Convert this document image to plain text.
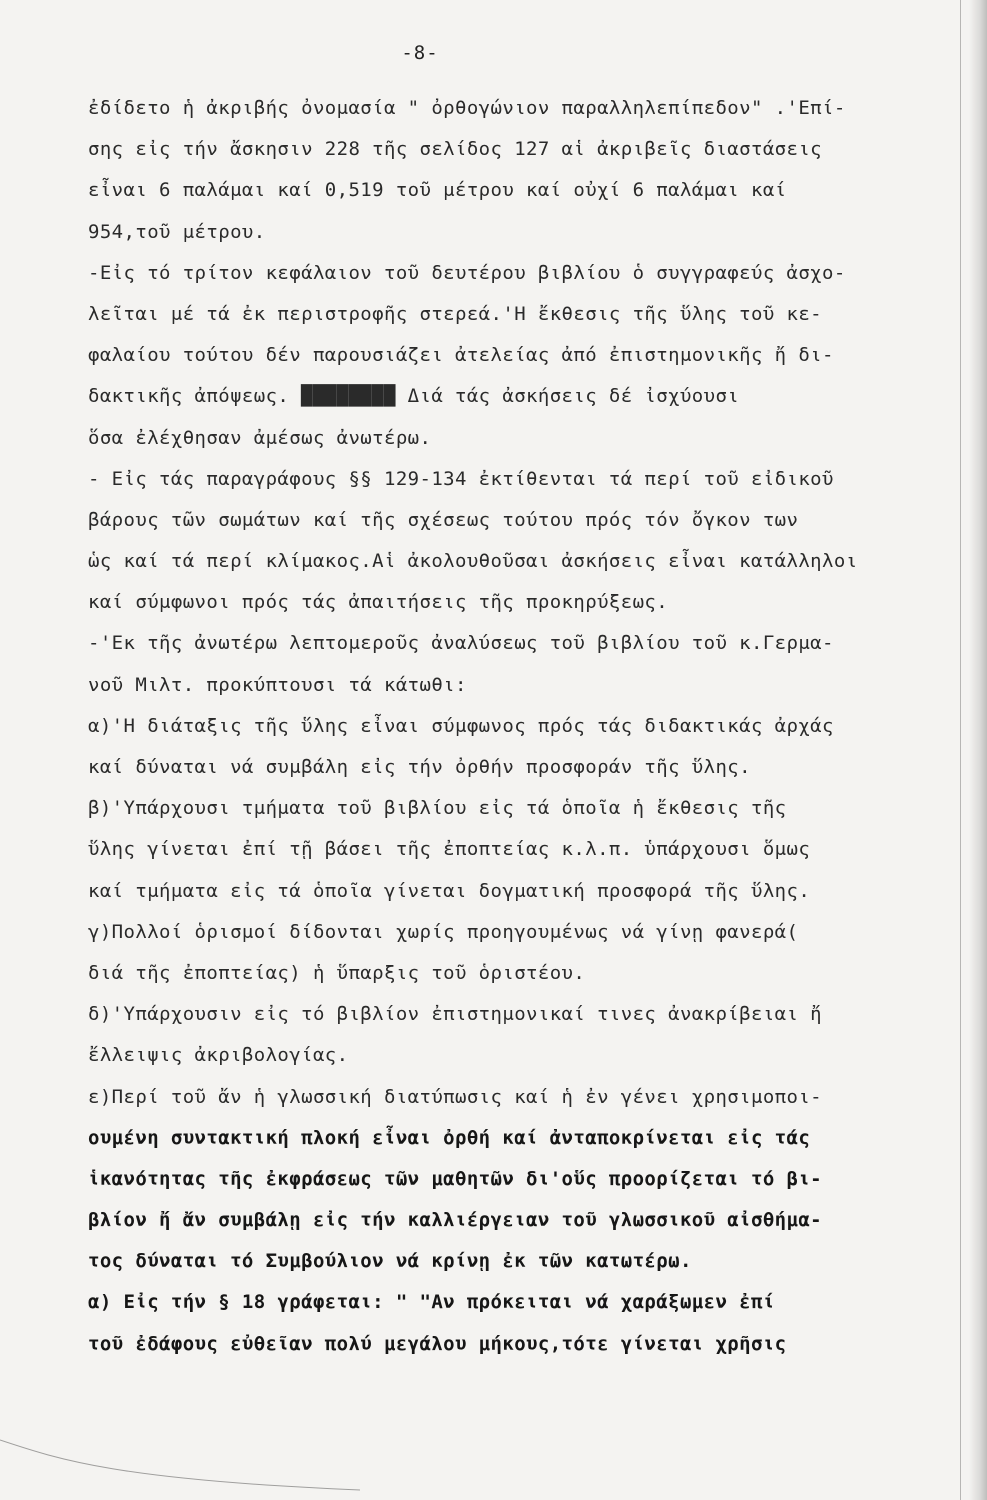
-8-
ἐδίδετο ἡ ἀκριβής ὀνομασία " ὀρθογώνιον παραλληλεπίπεδον" .'Επί-
σης εἰς τήν ἄσκησιν 228 τῆς σελίδος 127 αἱ ἀκριβεῖς διαστάσεις
εἶναι 6 παλάμαι καί 0,519 τοῦ μέτρου καί οὐχί 6 παλάμαι καί
954,τοῦ μέτρου.
-Εἰς τό τρίτον κεφάλαιον τοῦ δευτέρου βιβλίου ὁ συγγραφεύς ἀσχο-
λεῖται μέ τά ἐκ περιστροφῆς στερεά.'Η ἔκθεσις τῆς ὕλης τοῦ κε-
φαλαίου τούτου δέν παρουσιάζει ἀτελείας ἀπό ἐπιστημονικῆς ἤ δι-
δακτικῆς ἀπόψεως. ████████ Διά τάς ἀσκήσεις δέ ἰσχύουσι
ὅσα ἐλέχθησαν ἀμέσως ἀνωτέρω.
- Εἰς τάς παραγράφους §§ 129-134 ἐκτίθενται τά περί τοῦ εἰδικοῦ
βάρους τῶν σωμάτων καί τῆς σχέσεως τούτου πρός τόν ὄγκον των
ὡς καί τά περί κλίμακος.Αἱ ἀκολουθοῦσαι ἀσκήσεις εἶναι κατάλληλοι
καί σύμφωνοι πρός τάς ἀπαιτήσεις τῆς προκηρύξεως.
-'Εκ τῆς ἀνωτέρω λεπτομεροῦς ἀναλύσεως τοῦ βιβλίου τοῦ κ.Γερμα-
νοῦ Μιλτ. προκύπτουσι τά κάτωθι:
α)'Η διάταξις τῆς ὕλης εἶναι σύμφωνος πρός τάς διδακτικάς ἀρχάς
καί δύναται νά συμβάλη εἰς τήν ὀρθήν προσφοράν τῆς ὕλης.
β)'Υπάρχουσι τμήματα τοῦ βιβλίου εἰς τά ὁποῖα ἡ ἔκθεσις τῆς
ὕλης γίνεται ἐπί τῇ βάσει τῆς ἐποπτείας κ.λ.π. ὑπάρχουσι ὅμως
καί τμήματα εἰς τά ὁποῖα γίνεται δογματική προσφορά τῆς ὕλης.
γ)Πολλοί ὁρισμοί δίδονται χωρίς προηγουμένως νά γίνῃ φανερά(
διά τῆς ἐποπτείας) ἡ ὕπαρξις τοῦ ὁριστέου.
δ)'Υπάρχουσιν εἰς τό βιβλίον ἐπιστημονικαί τινες ἀνακρίβειαι ἤ
ἔλλειψις ἀκριβολογίας.
ε)Περί τοῦ ἄν ἡ γλωσσική διατύπωσις καί ἡ ἐν γένει χρησιμοποι-
ουμένη συντακτική πλοκή εἶναι ὀρθή καί ἀνταποκρίνεται εἰς τάς
ἱκανότητας τῆς ἐκφράσεως τῶν μαθητῶν δι'οὕς προορίζεται τό βι-
βλίον ἤ ἄν συμβάλῃ εἰς τήν καλλιέργειαν τοῦ γλωσσικοῦ αἰσθήμα-
τος δύναται τό Συμβούλιον νά κρίνῃ ἐκ τῶν κατωτέρω.
α) Εἰς τήν § 18 γράφεται: " "Αν πρόκειται νά χαράξωμεν ἐπί
τοῦ ἐδάφους εὐθεῖαν πολύ μεγάλου μήκους,τότε γίνεται χρῆσις
